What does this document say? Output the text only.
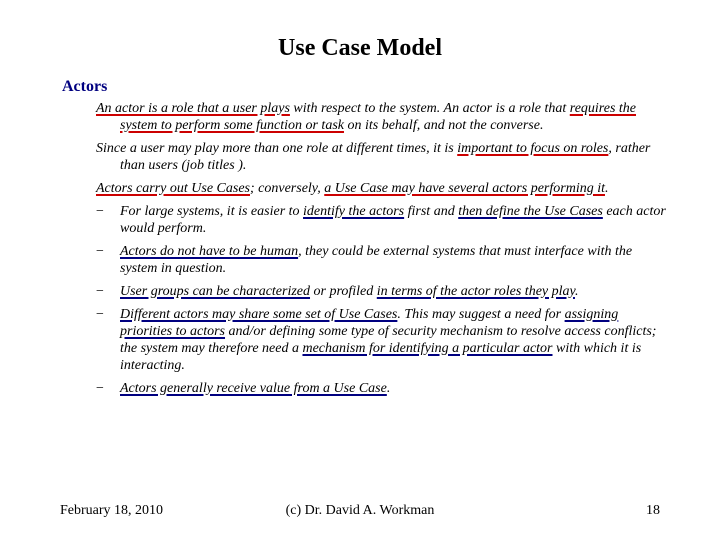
Use Case Model
Actors
An actor is a role that a user plays with respect to the system. An actor is a role that requires the system to perform some function or task on its behalf, and not the converse.
Since a user may play more than one role at different times, it is important to focus on roles, rather than users (job titles ).
Actors carry out Use Cases; conversely, a Use Case may have several actors performing it.
− For large systems, it is easier to identify the actors first and then define the Use Cases each actor would perform.
− Actors do not have to be human, they could be external systems that must interface with the system in question.
− User groups can be characterized or profiled in terms of the actor roles they play.
− Different actors may share some set of Use Cases. This may suggest a need for assigning priorities to actors and/or defining some type of security mechanism to resolve access conflicts; the system may therefore need a mechanism for identifying a particular actor with which it is interacting.
− Actors generally receive value from a Use Case.
February 18, 2010	(c) Dr. David A. Workman	18
